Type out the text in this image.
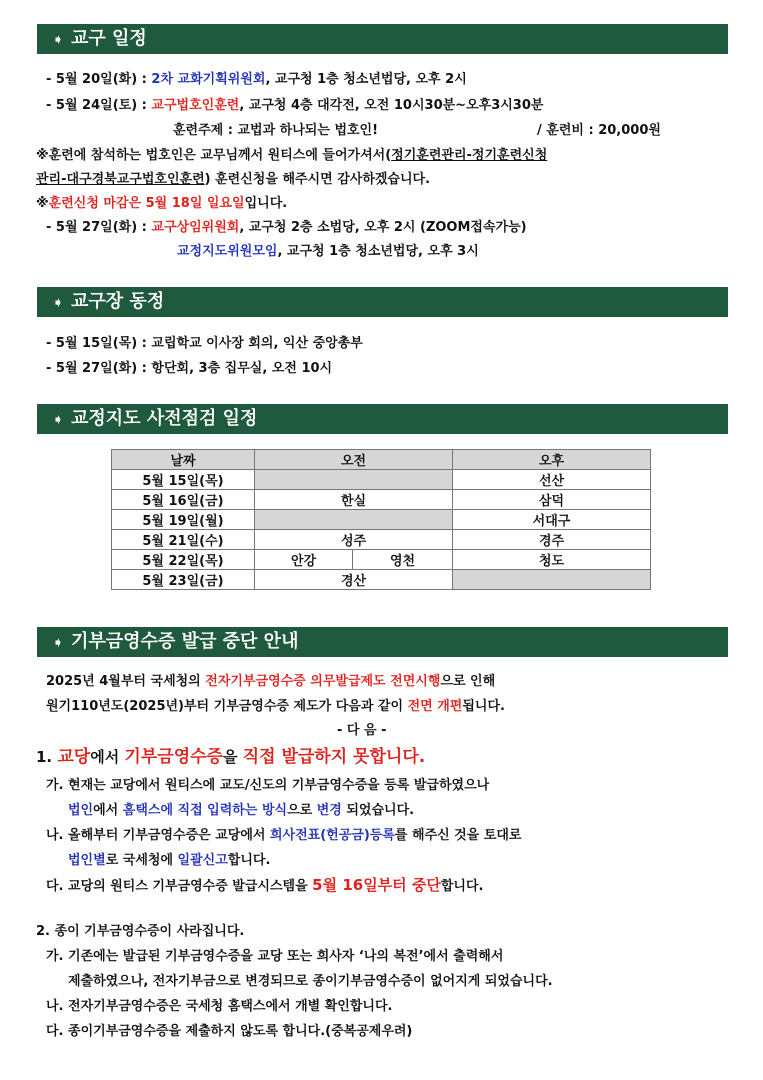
➧ 교구 일정
- 5월 20일(화) : 2차 교화기획위원회, 교구청 1층 청소년법당, 오후 2시
- 5월 24일(토) : 교구법호인훈련, 교구청 4층 대각전, 오전 10시30분~오후3시30분
훈련주제 : 교법과 하나되는 법호인!	/ 훈련비 : 20,000원
※훈련에 참석하는 법호인은 교무님께서 원티스에 들어가셔서(정기훈련관리-정기훈련신청
관리-대구경북교구법호인훈련) 훈련신청을 해주시면 감사하겠습니다.
※훈련신청 마감은 5월 18일 일요일입니다.
- 5월 27일(화) : 교구상임위원회, 교구청 2층 소법당, 오후 2시 (ZOOM접속가능)
교정지도위원모임, 교구청 1층 청소년법당, 오후 3시
➧ 교구장 동정
- 5월 15일(목) : 교립학교 이사장 회의, 익산 중앙총부
- 5월 27일(화) : 항단회, 3층 집무실, 오전 10시
➧ 교정지도 사전점검 일정
날짜	오전		오후
5월 15일(목)			선산
5월 16일(금)	한실		삼덕
5월 19일(월)			서대구
5월 21일(수)	성주		경주
5월 22일(목)	안강	영천	청도
5월 23일(금)	경산		
➧ 기부금영수증 발급 중단 안내
2025년 4월부터 국세청의 전자기부금영수증 의무발급제도 전면시행으로 인해
원기110년도(2025년)부터 기부금영수증 제도가 다음과 같이 전면 개편됩니다.
- 다 음 -
1. 교당에서 기부금영수증을 직접 발급하지 못합니다.
가. 현재는 교당에서 원티스에 교도/신도의 기부금영수증을 등록 발급하였으나
법인에서 홈택스에 직접 입력하는 방식으로 변경 되었습니다.
나. 올해부터 기부금영수증은 교당에서 희사전표(헌공금)등록를 해주신 것을 토대로
법인별로 국세청에 일괄신고합니다.
다. 교당의 원티스 기부금영수증 발급시스템을 5월 16일부터 중단합니다.
2. 종이 기부금영수증이 사라집니다.
가. 기존에는 발급된 기부금영수증을 교당 또는 희사자 ‘나의 복전’에서 출력해서
제출하였으나, 전자기부금으로 변경되므로 종이기부금영수증이 없어지게 되었습니다.
나. 전자기부금영수증은 국세청 홈택스에서 개별 확인합니다.
다. 종이기부금영수증을 제출하지 않도록 합니다.(중복공제우려)
